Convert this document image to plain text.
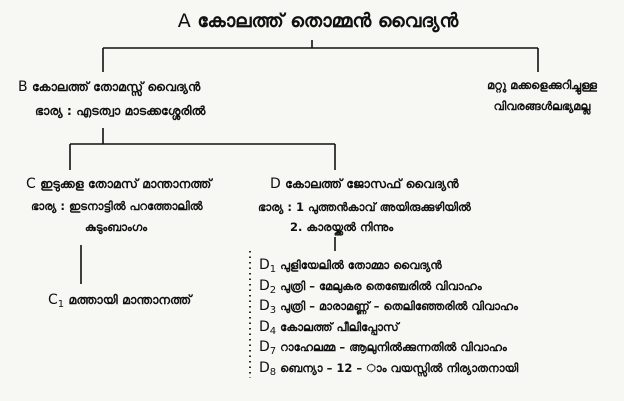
A കോലത്ത് തൊമ്മൻ വൈദ്യൻ
B കോലത്ത് തോമസ്സ് വൈദ്യൻ
ഭാര്യ : എടത്വാ മാടക്കശ്ശേരിൽ
മറ്റു മക്കളെക്കുറിച്ചുള്ള
വിവരങ്ങൾലഭ്യമല്ല
C ഇടുക്കള തോമസ് മാന്താനത്ത്
ഭാര്യ : ഇടനാട്ടിൽ പറത്തോലിൽ
കുടുംബാംഗം
$C_1$ മത്തായി മാന്താനത്ത്
D കോലത്ത് ജോസഫ് വൈദ്യൻ
ഭാര്യ : 1 പുത്തൻകാവ് അയിരുക്കുഴിയിൽ
2. കാരയ്ക്കൽ നിന്നും
$D_1$ പുളിയേലിൽ തോമ്മാ വൈദ്യൻ
$D_2$ പുത്രി – മേലുകര തെഞ്ചേരിൽ വിവാഹം
$D_3$ പുത്രി – മാരാമണ്ണ് – തെലിഞ്ഞേരിൽ വിവാഹം
$D_4$ കോലത്ത് പീലിപ്പോസ്
$D_7$ റാഹേലമ്മ – ആലുനിൽക്കുന്നതിൽ വിവാഹം
$D_8$ ബെന്യാ – 12 – ാം വയസ്സിൽ നിര്യാതനായി
